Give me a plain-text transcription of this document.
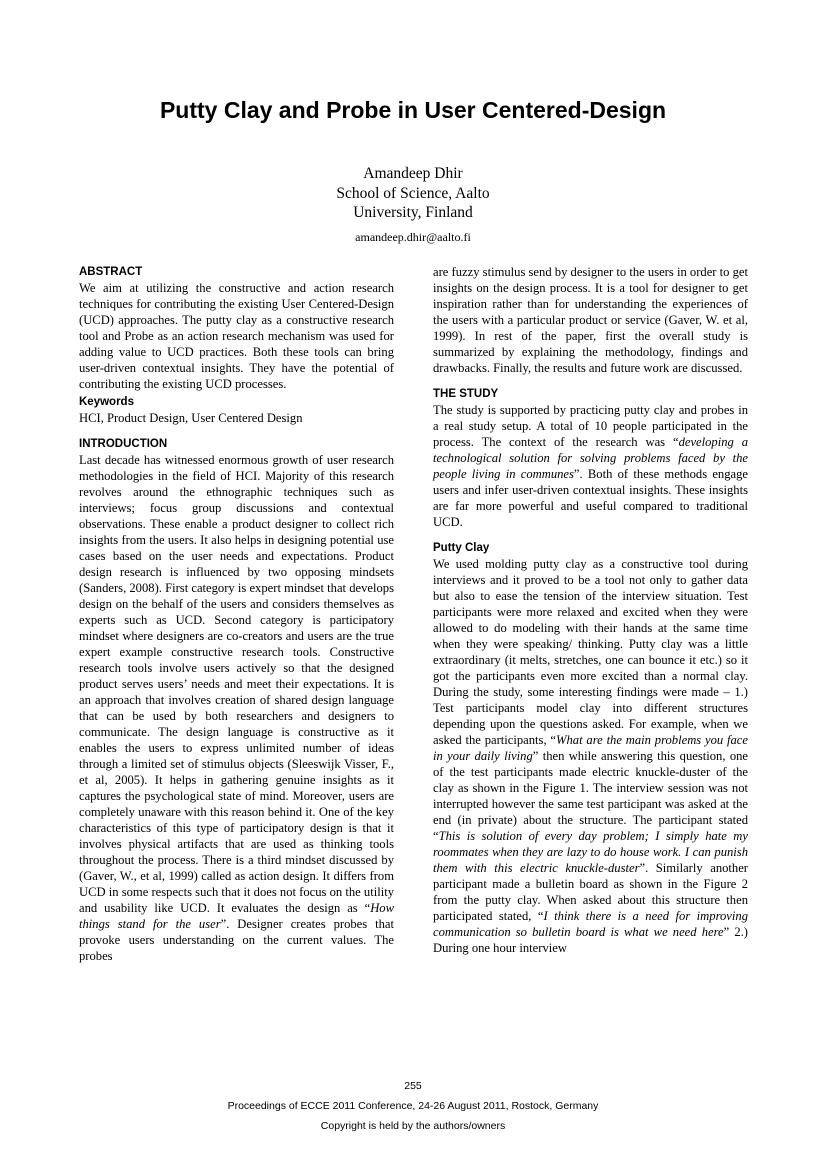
Putty Clay and Probe in User Centered-Design
Amandeep Dhir
School of Science, Aalto
University, Finland
amandeep.dhir@aalto.fi
ABSTRACT

We aim at utilizing the constructive and action research techniques for contributing the existing User Centered-Design (UCD) approaches. The putty clay as a constructive research tool and Probe as an action research mechanism was used for adding value to UCD practices. Both these tools can bring user-driven contextual insights. They have the potential of contributing the existing UCD processes.

Keywords

HCI, Product Design, User Centered Design

INTRODUCTION

Last decade has witnessed enormous growth of user research methodologies in the field of HCI. Majority of this research revolves around the ethnographic techniques such as interviews; focus group discussions and contextual observations. These enable a product designer to collect rich insights from the users. It also helps in designing potential use cases based on the user needs and expectations. Product design research is influenced by two opposing mindsets (Sanders, 2008). First category is expert mindset that develops design on the behalf of the users and considers themselves as experts such as UCD. Second category is participatory mindset where designers are co-creators and users are the true expert example constructive research tools. Constructive research tools involve users actively so that the designed product serves users’ needs and meet their expectations. It is an approach that involves creation of shared design language that can be used by both researchers and designers to communicate. The design language is constructive as it enables the users to express unlimited number of ideas through a limited set of stimulus objects (Sleeswijk Visser, F., et al, 2005). It helps in gathering genuine insights as it captures the psychological state of mind. Moreover, users are completely unaware with this reason behind it. One of the key characteristics of this type of participatory design is that it involves physical artifacts that are used as thinking tools throughout the process. There is a third mindset discussed by (Gaver, W., et al, 1999) called as action design. It differs from UCD in some respects such that it does not focus on the utility and usability like UCD. It evaluates the design as “How things stand for the user”. Designer creates probes that provoke users understanding on the current values. The probes

are fuzzy stimulus send by designer to the users in order to get insights on the design process. It is a tool for designer to get inspiration rather than for understanding the experiences of the users with a particular product or service (Gaver, W. et al, 1999). In rest of the paper, first the overall study is summarized by explaining the methodology, findings and drawbacks. Finally, the results and future work are discussed.

THE STUDY

The study is supported by practicing putty clay and probes in a real study setup. A total of 10 people participated in the process. The context of the research was “developing a technological solution for solving problems faced by the people living in communes”. Both of these methods engage users and infer user-driven contextual insights. These insights are far more powerful and useful compared to traditional UCD.

Putty Clay

We used molding putty clay as a constructive tool during interviews and it proved to be a tool not only to gather data but also to ease the tension of the interview situation. Test participants were more relaxed and excited when they were allowed to do modeling with their hands at the same time when they were speaking/ thinking. Putty clay was a little extraordinary (it melts, stretches, one can bounce it etc.) so it got the participants even more excited than a normal clay. During the study, some interesting findings were made – 1.) Test participants model clay into different structures depending upon the questions asked. For example, when we asked the participants, “What are the main problems you face in your daily living” then while answering this question, one of the test participants made electric knuckle-duster of the clay as shown in the Figure 1. The interview session was not interrupted however the same test participant was asked at the end (in private) about the structure. The participant stated “This is solution of every day problem; I simply hate my roommates when they are lazy to do house work. I can punish them with this electric knuckle-duster”. Similarly another participant made a bulletin board as shown in the Figure 2 from the putty clay. When asked about this structure then participated stated, “I think there is a need for improving communication so bulletin board is what we need here” 2.) During one hour interview

255
Proceedings of ECCE 2011 Conference, 24-26 August 2011, Rostock, Germany
Copyright is held by the authors/owners
